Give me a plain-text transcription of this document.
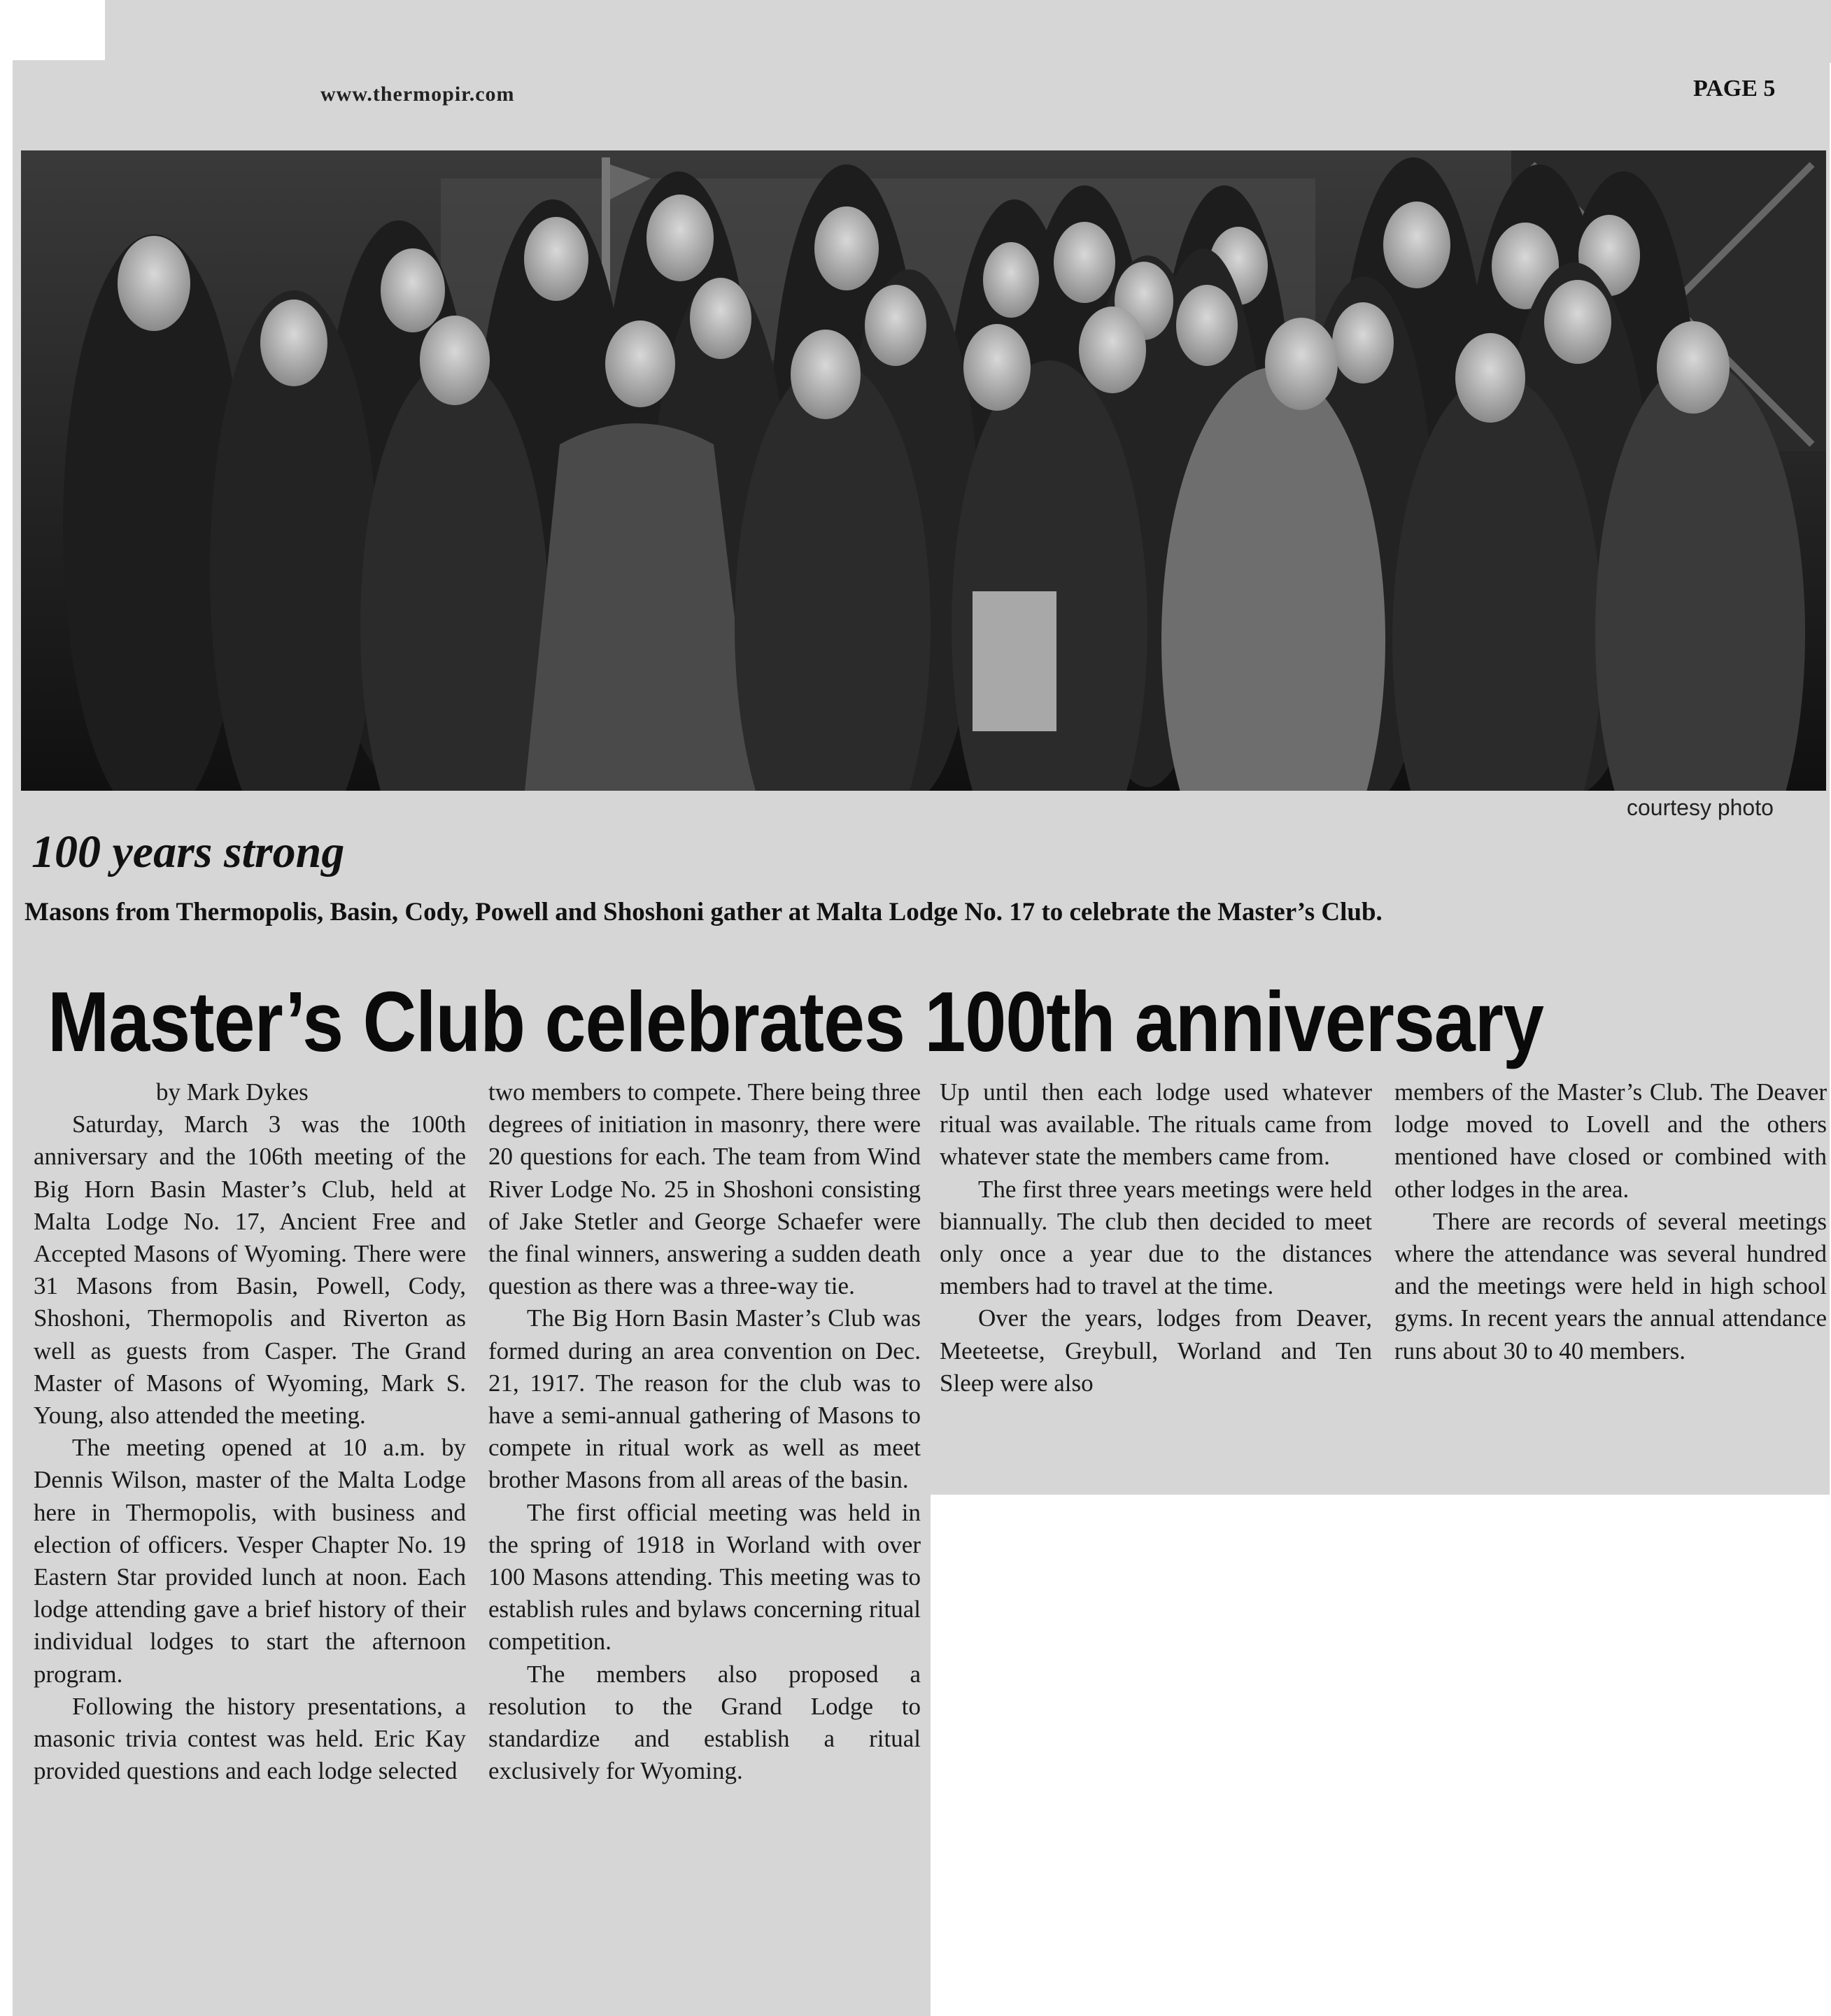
www.thermopir.com	PAGE 5
courtesy photo
100 years strong
Masons from Thermopolis, Basin, Cody, Powell and Shoshoni gather at Malta Lodge No. 17 to celebrate the Master’s Club.
Master’s Club celebrates 100th anniversary

by Mark Dykes

Saturday, March 3 was the 100th anniversary and the 106th meeting of the Big Horn Basin Master’s Club, held at Malta Lodge No. 17, Ancient Free and Accepted Masons of Wyoming. There were 31 Masons from Basin, Powell, Cody, Shoshoni, Thermopolis and Riverton as well as guests from Casper. The Grand Master of Masons of Wyoming, Mark S. Young, also attended the meeting.

The meeting opened at 10 a.m. by Dennis Wilson, master of the Malta Lodge here in Thermopolis, with business and election of officers. Vesper Chapter No. 19 Eastern Star provided lunch at noon. Each lodge attending gave a brief history of their individual lodges to start the afternoon program.

Following the history presentations, a masonic trivia contest was held. Eric Kay provided questions and each lodge selected

two members to compete. There being three degrees of initiation in masonry, there were 20 questions for each. The team from Wind River Lodge No. 25 in Shoshoni consisting of Jake Stetler and George Schaefer were the final winners, answering a sudden death question as there was a three-way tie.

The Big Horn Basin Master’s Club was formed during an area convention on Dec. 21, 1917. The reason for the club was to have a semi-annual gathering of Masons to compete in ritual work as well as meet brother Masons from all areas of the basin.

The first official meeting was held in the spring of 1918 in Worland with over 100 Masons attending. This meeting was to establish rules and bylaws concerning ritual competition.

The members also proposed a resolution to the Grand Lodge to standardize and establish a ritual exclusively for Wyoming.

Up until then each lodge used whatever ritual was available. The rituals came from whatever state the members came from.

The first three years meetings were held biannually. The club then decided to meet only once a year due to the distances members had to travel at the time.

Over the years, lodges from Deaver, Meeteetse, Greybull, Worland and Ten Sleep were also

members of the Master’s Club. The Deaver lodge moved to Lovell and the others mentioned have closed or combined with other lodges in the area.

There are records of several meetings where the attendance was several hundred and the meetings were held in high school gyms. In recent years the annual attendance runs about 30 to 40 members.
